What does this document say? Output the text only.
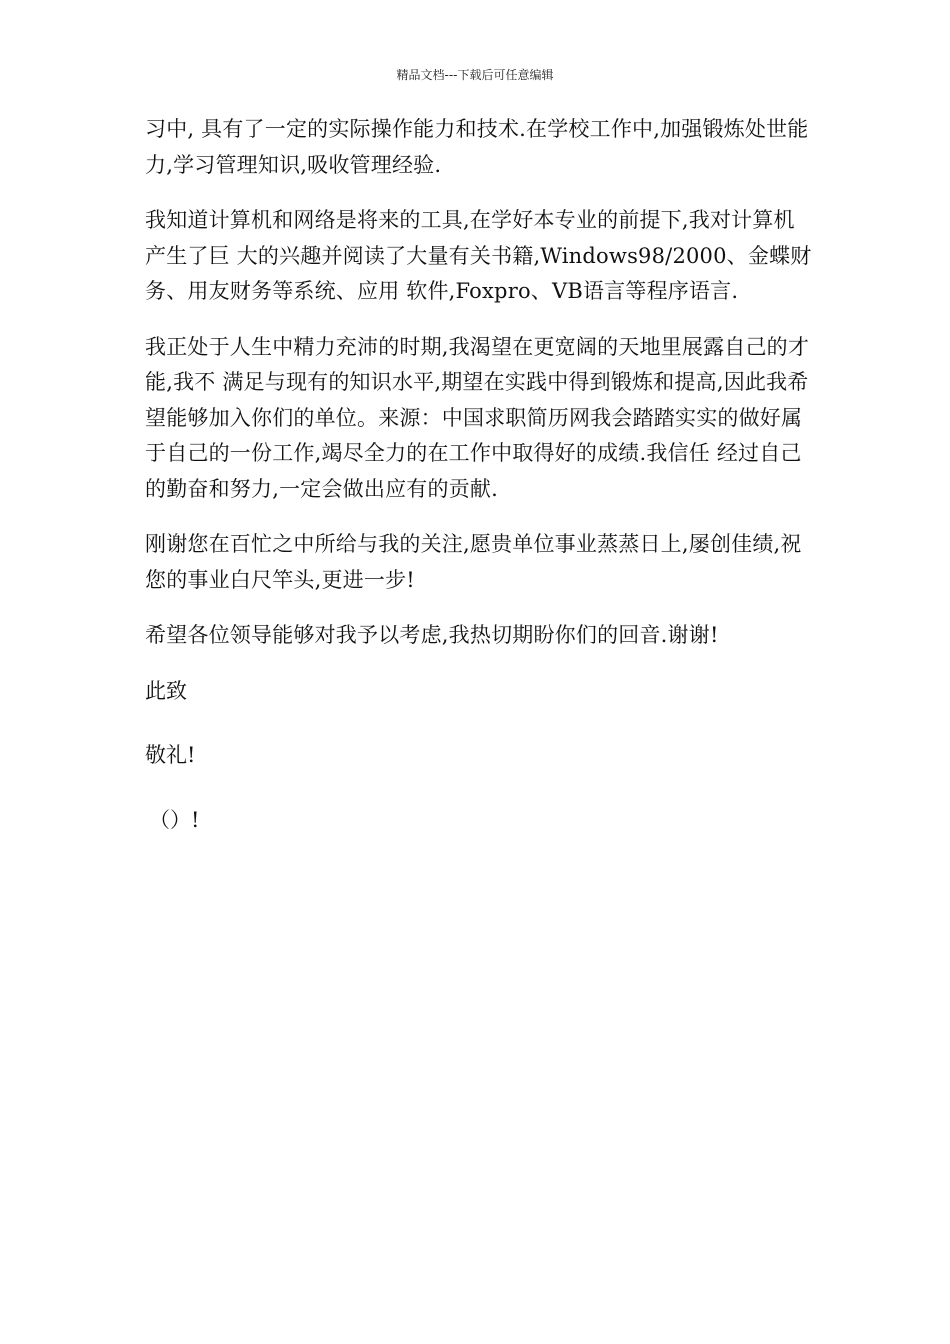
精品文档---下载后可任意编辑

习中, 具有了一定的实际操作能力和技术.在学校工作中,加强锻炼处世能力,学习管理知识,吸收管理经验.

我知道计算机和网络是将来的工具,在学好本专业的前提下,我对计算机产生了巨 大的兴趣并阅读了大量有关书籍,Windows98/2000、金蝶财务、用友财务等系统、应用 软件,Foxpro、VB语言等程序语言.

我正处于人生中精力充沛的时期,我渴望在更宽阔的天地里展露自己的才能,我不 满足与现有的知识水平,期望在实践中得到锻炼和提高,因此我希望能够加入你们的单位。来源：中国求职简历网我会踏踏实实的做好属于自己的一份工作,竭尽全力的在工作中取得好的成绩.我信任 经过自己的勤奋和努力,一定会做出应有的贡献.

刚谢您在百忙之中所给与我的关注,愿贵单位事业蒸蒸日上,屡创佳绩,祝您的事业白尺竿头,更进一步!

希望各位领导能够对我予以考虑,我热切期盼你们的回音.谢谢!

此致

敬礼!

（）!
